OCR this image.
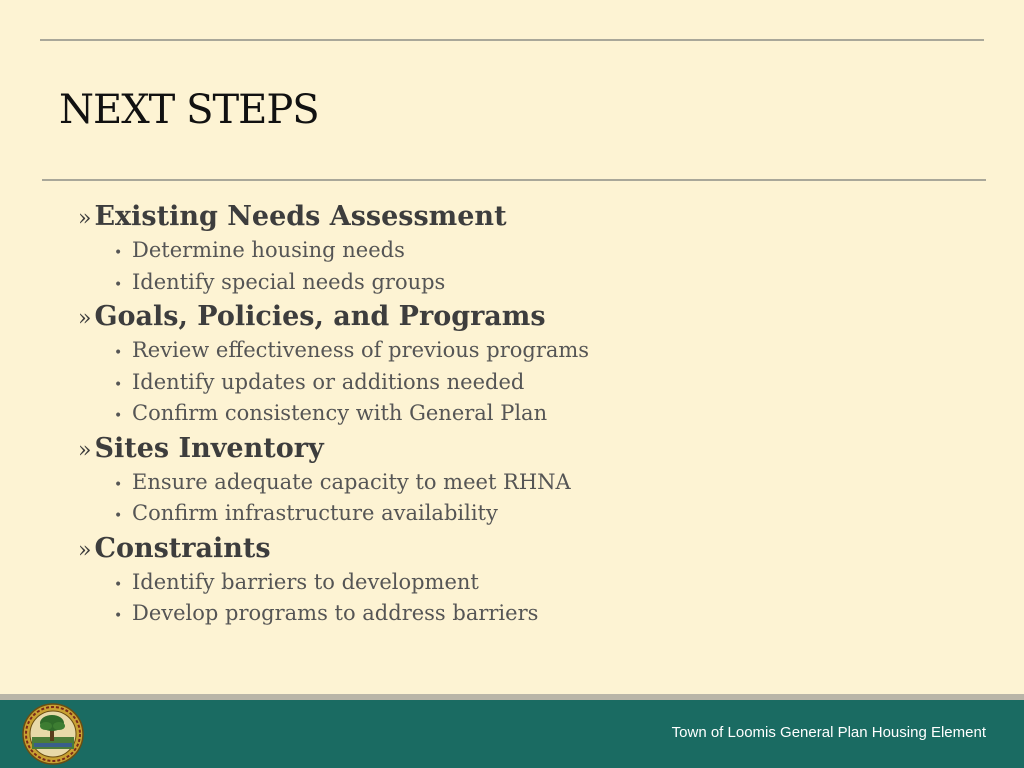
NEXT STEPS
» Existing Needs Assessment
• Determine housing needs
• Identify special needs groups
» Goals, Policies, and Programs
• Review effectiveness of previous programs
• Identify updates or additions needed
• Confirm consistency with General Plan
» Sites Inventory
• Ensure adequate capacity to meet RHNA
• Confirm infrastructure availability
» Constraints
• Identify barriers to development
• Develop programs to address barriers
Town of Loomis General Plan Housing Element
